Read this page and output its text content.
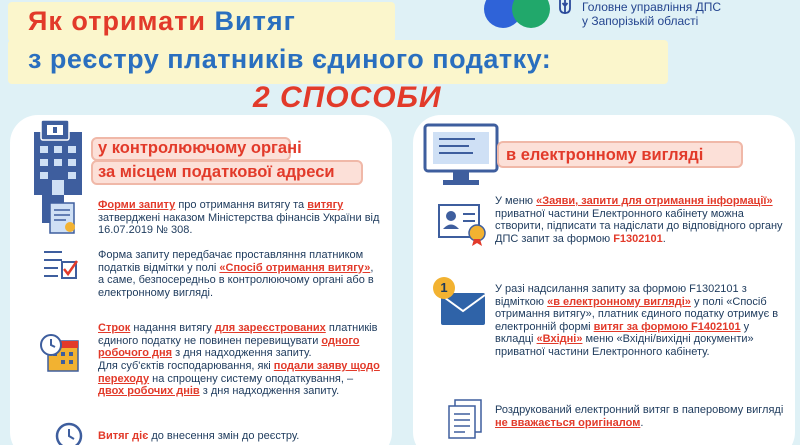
Як отримати Витяг
з реєстру платників єдиного податку:
2 СПОСОБИ
Головне управління ДПС
у Запорізькій області
у контролюючому органі
за місцем податкової адреси
Форми запиту про отримання витягу та витягу затверджені наказом Міністерства фінансів України від 16.07.2019 № 308.
Форма запиту передбачає проставляння платником податків відмітки у полі «Спосіб отримання витягу», а саме, безпосередньо в контролюючому органі або в електронному вигляді.
Строк надання витягу для зареєстрованих платників єдиного податку не повинен перевищувати одного робочого дня з дня надходження запиту.
Для суб'єктів господарювання, які подали заяву щодо переходу на спрощену систему оподаткування, – двох робочих днів з дня надходження запиту.
Витяг діє до внесення змін до реєстру.
в електронному вигляді
У меню «Заяви, запити для отримання інформації» приватної частини Електронного кабінету можна створити, підписати та надіслати до відповідного органу ДПС запит за формою F1302101.
1	У разі надсилання запиту за формою F1302101 з відміткою «в електронному вигляді» у полі «Спосіб отримання витягу», платник єдиного податку отримує в електронній формі витяг за формою F1402101 у вкладці «Вхідні» меню «Вхідні/вихідні документи» приватної частини Електронного кабінету.
Роздрукований електронний витяг в паперовому вигляді не вважається оригіналом.
